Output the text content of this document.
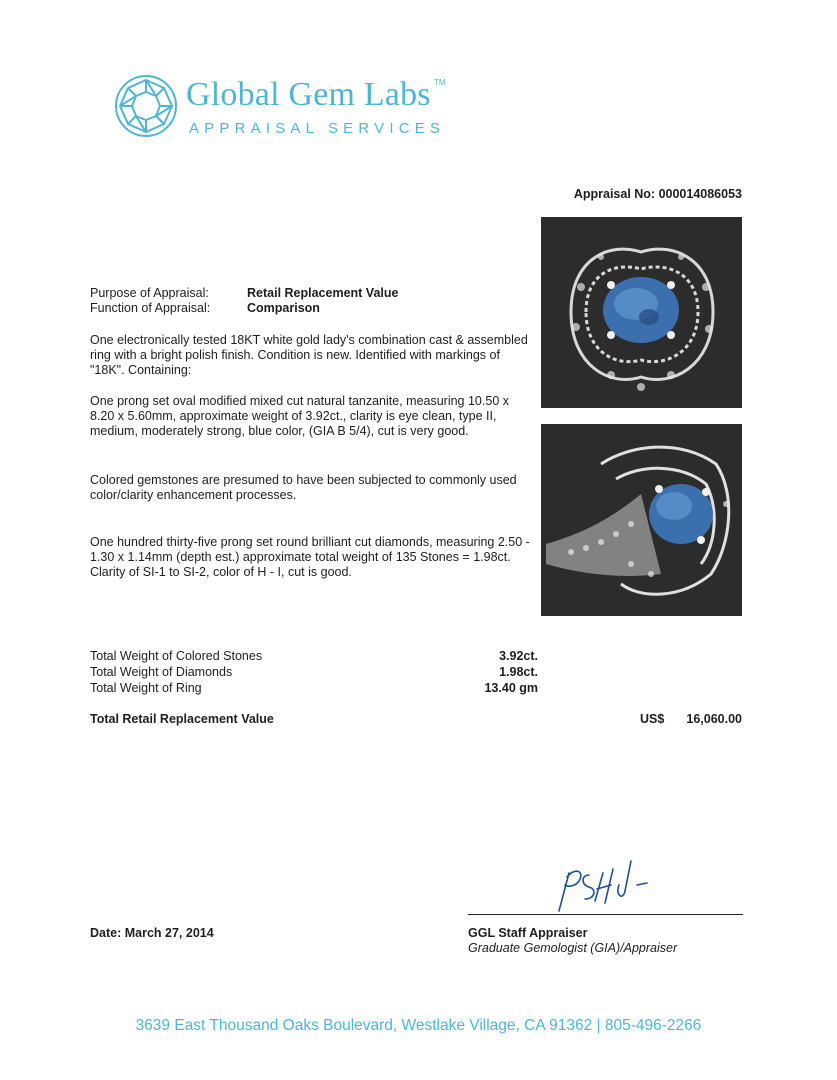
Global Gem Labs TM
APPRAISAL SERVICES
Appraisal No: 000014086053
Purpose of Appraisal:	Retail Replacement Value
Function of Appraisal:	Comparison
One electronically tested 18KT white gold lady's combination cast & assembled ring with a bright polish finish. Condition is new. Identified with markings of "18K". Containing:
One prong set oval modified mixed cut natural tanzanite, measuring 10.50 x 8.20 x 5.60mm, approximate weight of 3.92ct., clarity is eye clean, type II, medium, moderately strong, blue color, (GIA B 5/4), cut is very good.
Colored gemstones are presumed to have been subjected to commonly used color/clarity enhancement processes.
One hundred thirty-five prong set round brilliant cut diamonds, measuring 2.50 - 1.30 x 1.14mm (depth est.) approximate total weight of 135 Stones = 1.98ct. Clarity of SI-1 to SI-2, color of H - I, cut is good.
Total Weight of Colored Stones	3.92ct.
Total Weight of Diamonds	1.98ct.
Total Weight of Ring	13.40 gm
Total Retail Replacement Value	US$ 16,060.00
GGL Staff Appraiser
Graduate Gemologist (GIA)/Appraiser
Date: March 27, 2014
3639 East Thousand Oaks Boulevard, Westlake Village, CA 91362 | 805-496-2266
